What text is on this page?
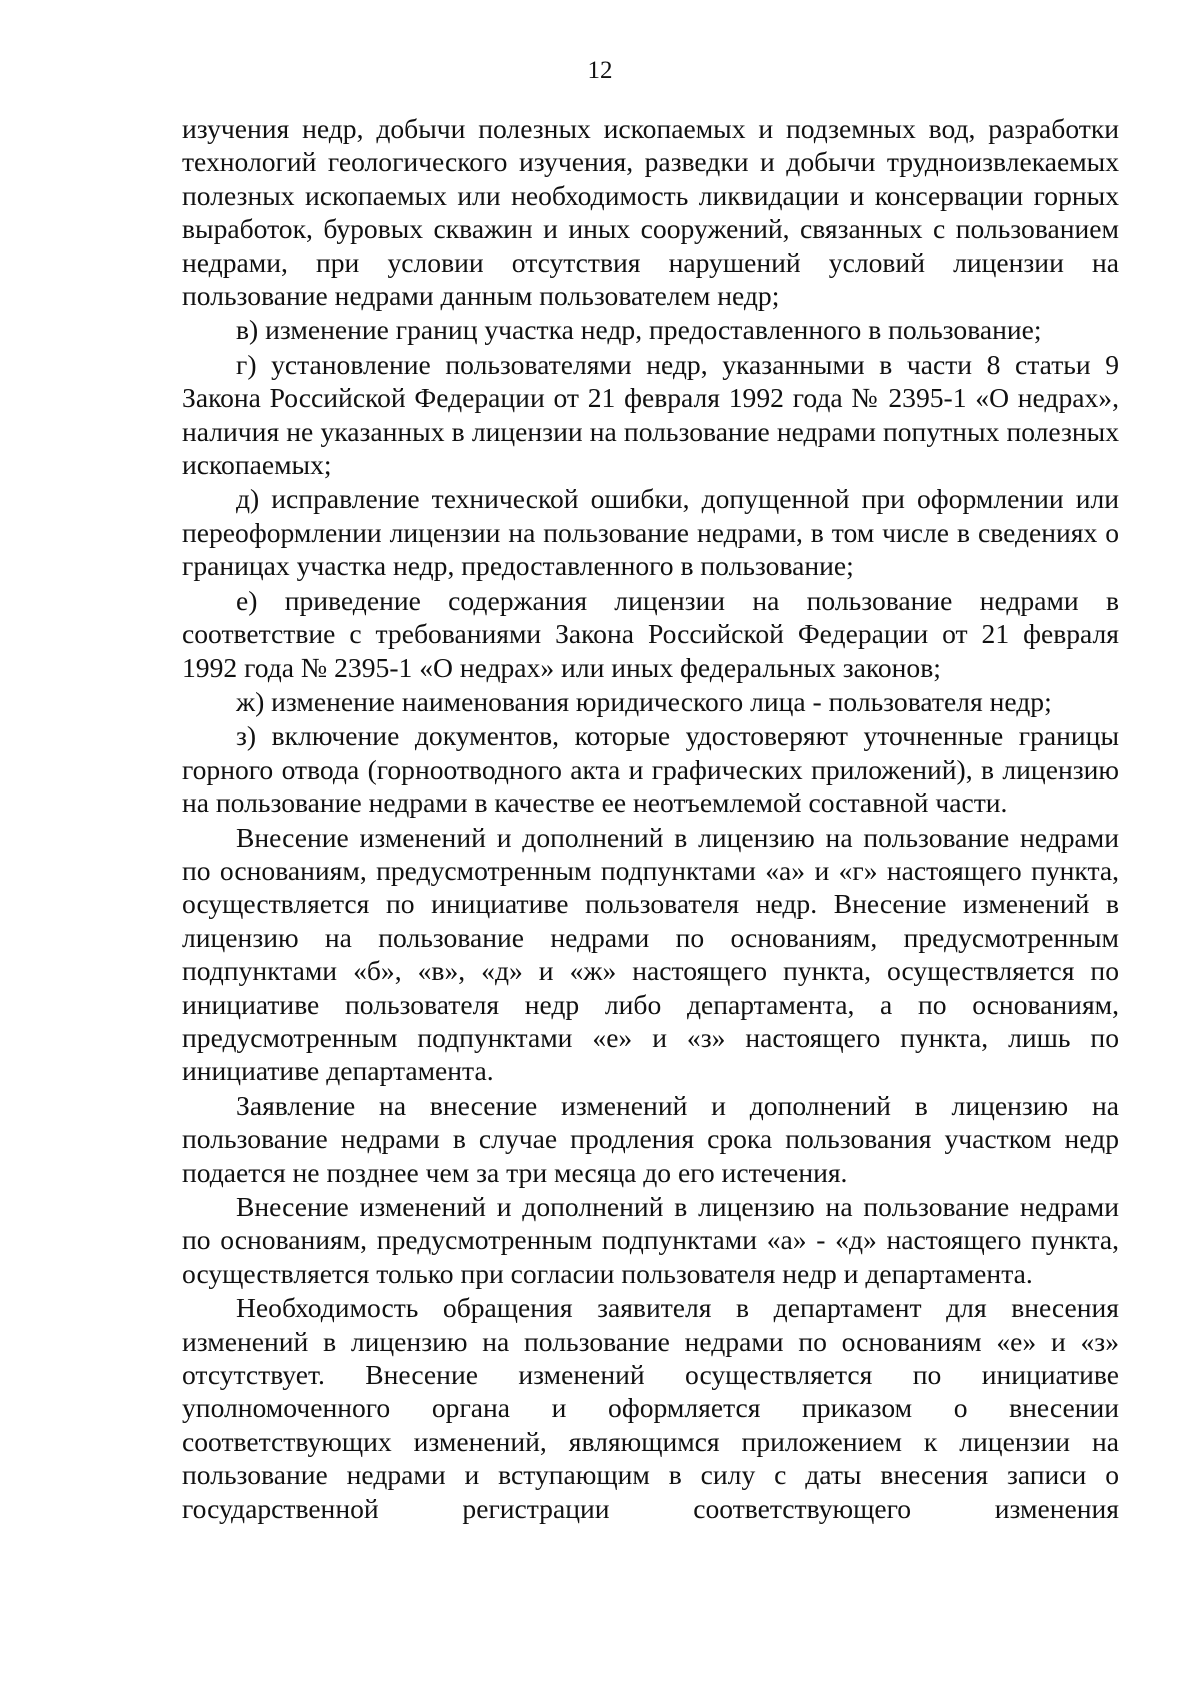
12

изучения недр, добычи полезных ископаемых и подземных вод, разработки технологий геологического изучения, разведки и добычи трудноизвлекаемых полезных ископаемых или необходимость ликвидации и консервации горных выработок, буровых скважин и иных сооружений, связанных с пользованием недрами, при условии отсутствия нарушений условий лицензии на пользование недрами данным пользователем недр;

в) изменение границ участка недр, предоставленного в пользование;

г) установление пользователями недр, указанными в части 8 статьи 9 Закона Российской Федерации от 21 февраля 1992 года № 2395-1 «О недрах», наличия не указанных в лицензии на пользование недрами попутных полезных ископаемых;

д) исправление технической ошибки, допущенной при оформлении или переоформлении лицензии на пользование недрами, в том числе в сведениях о границах участка недр, предоставленного в пользование;

е) приведение содержания лицензии на пользование недрами в соответствие с требованиями Закона Российской Федерации от 21 февраля 1992 года № 2395-1 «О недрах» или иных федеральных законов;

ж) изменение наименования юридического лица - пользователя недр;

з) включение документов, которые удостоверяют уточненные границы горного отвода (горноотводного акта и графических приложений), в лицензию на пользование недрами в качестве ее неотъемлемой составной части.

Внесение изменений и дополнений в лицензию на пользование недрами по основаниям, предусмотренным подпунктами «а» и «г» настоящего пункта, осуществляется по инициативе пользователя недр. Внесение изменений в лицензию на пользование недрами по основаниям, предусмотренным подпунктами «б», «в», «д» и «ж» настоящего пункта, осуществляется по инициативе пользователя недр либо департамента, а по основаниям, предусмотренным подпунктами «е» и «з» настоящего пункта, лишь по инициативе департамента.

Заявление на внесение изменений и дополнений в лицензию на пользование недрами в случае продления срока пользования участком недр подается не позднее чем за три месяца до его истечения.

Внесение изменений и дополнений в лицензию на пользование недрами по основаниям, предусмотренным подпунктами «а» - «д» настоящего пункта, осуществляется только при согласии пользователя недр и департамента.

Необходимость обращения заявителя в департамент для внесения изменений в лицензию на пользование недрами по основаниям «е» и «з» отсутствует. Внесение изменений осуществляется по инициативе уполномоченного органа и оформляется приказом о внесении соответствующих изменений, являющимся приложением к лицензии на пользование недрами и вступающим в силу с даты внесения записи о государственной регистрации соответствующего изменения
